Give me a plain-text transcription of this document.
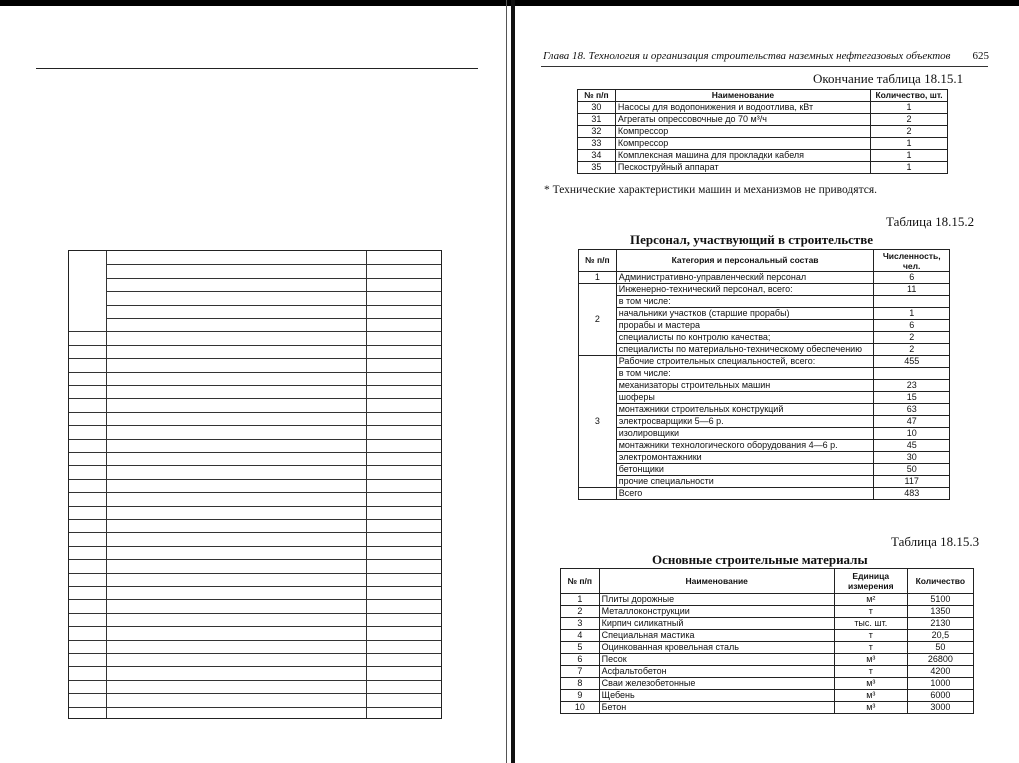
Глава 18. Технология и организация строительства наземных нефтегазовых объектов 625
Окончание таблица 18.15.1
№ п/п	Наименование	Количество, шт.
30	Насосы для водопонижения и водоотлива, кВт	1
31	Агрегаты опрессовочные до 70 м³/ч	2
32	Компрессор	2
33	Компрессор	1
34	Комплексная машина для прокладки кабеля	1
35	Пескоструйный аппарат	1
* Технические характеристики машин и механизмов не приводятся.
Таблица 18.15.2
Персонал, участвующий в строительстве
№ п/п	Категория и персональный состав	Численность, чел.
1	Административно-управленческий персонал	6
2	Инженерно-технический персонал, всего:	11
	в том числе:	
	начальники участков (старшие прорабы)	1
	прорабы и мастера	6
	специалисты по контролю качества;	2
	специалисты по материально-техническому обеспечению	2
3	Рабочие строительных специальностей, всего:	455
	в том числе:	
	механизаторы строительных машин	23
	шоферы	15
	монтажники строительных конструкций	63
	электросварщики 5—6 р.	47
	изолировщики	10
	монтажники технологического оборудования 4—6 р.	45
	электромонтажники	30
	бетонщики	50
	прочие специальности	117
	Всего	483
Таблица 18.15.3
Основные строительные материалы
№ п/п	Наименование	Единица измерения	Количество
1	Плиты дорожные	м²	5100
2	Металлоконструкции	т	1350
3	Кирпич силикатный	тыс. шт.	2130
4	Специальная мастика	т	20,5
5	Оцинкованная кровельная сталь	т	50
6	Песок	м³	26800
7	Асфальтобетон	т	4200
8	Сваи железобетонные	м³	1000
9	Щебень	м³	6000
10	Бетон	м³	3000
